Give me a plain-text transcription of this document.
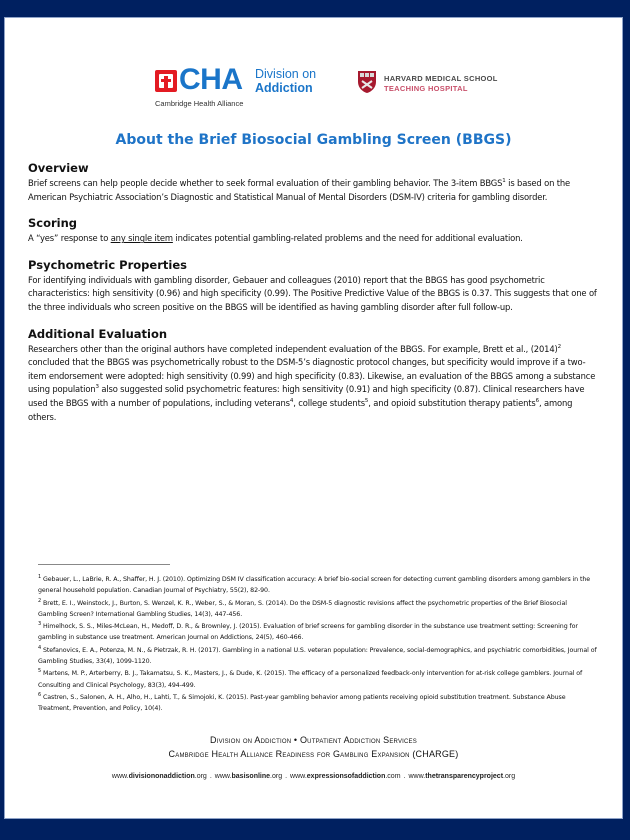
CHA Division on
Addiction
Cambridge Health Alliance
HARVARD MEDICAL SCHOOL
TEACHING HOSPITAL
About the Brief Biosocial Gambling Screen (BBGS)
Overview

Brief screens can help people decide whether to seek formal evaluation of their gambling behavior. The 3-item BBGS$^1$ is based on the American Psychiatric Association’s Diagnostic and Statistical Manual of Mental Disorders (DSM-IV) criteria for gambling disorder.

Scoring

A “yes” response to any single item indicates potential gambling-related problems and the need for additional evaluation.

Psychometric Properties

For identifying individuals with gambling disorder, Gebauer and colleagues (2010) report that the BBGS has good psychometric characteristics: high sensitivity (0.96) and high specificity (0.99). The Positive Predictive Value of the BBGS is 0.37. This suggests that one of the three individuals who screen positive on the BBGS will be identified as having gambling disorder after full follow-up.

Additional Evaluation

Researchers other than the original authors have completed independent evaluation of the BBGS. For example, Brett et al., $(2014)^2$ concluded that the BBGS was psychometrically robust to the DSM-5’s diagnostic protocol changes, but specificity would improve if a two-item endorsement were adopted: high sensitivity (0.99) and high specificity (0.83). Likewise, an evaluation of the BBGS among a substance using population$^3$ also suggested solid psychometric features: high sensitivity (0.91) and high specificity (0.87). Clinical researchers have used the BBGS with a number of populations, including veterans$^4$, college students$^5$, and opioid substitution therapy patients$^6$, among others.

$^1$ Gebauer, L., LaBrie, R. A., Shaffer, H. J. (2010). Optimizing DSM IV classification accuracy: A brief bio-social screen for detecting current gambling disorders among gamblers in the general household population. Canadian Journal of Psychiatry, 55(2), 82-90.

$^2$ Brett, E. I., Weinstock, J., Burton, S. Wenzel, K. R., Weber, S., & Moran, S. (2014). Do the DSM-5 diagnostic revisions affect the psychometric properties of the Brief Biosocial Gambling Screen? International Gambling Studies, 14(3), 447-456.

$^3$ Himelhock, S. S., Miles-McLean, H., Medoff, D. R., & Brownley, J. (2015). Evaluation of brief screens for gambling disorder in the substance use treatment setting: Screening for gambling in substance use treatment. American Journal on Addictions, 24(5), 460-466.

$^4$ Stefanovics, E. A., Potenza, M. N., & Pietrzak, R. H. (2017). Gambling in a national U.S. veteran population: Prevalence, social-demographics, and psychiatric comorbidities, Journal of Gambling Studies, 33(4), 1099-1120.

$^5$ Martens, M. P., Arterberry, B. J., Takamatsu, S. K., Masters, J., & Dude, K. (2015). The efficacy of a personalized feedback-only intervention for at-risk college gamblers. Journal of Consulting and Clinical Psychology, 83(3), 494-499.

$^6$ Castren, S., Salonen, A. H., Alho, H., Lahti, T., & Simojoki, K. (2015). Past-year gambling behavior among patients receiving opioid substitution treatment. Substance Abuse Treatment, Prevention, and Policy, 10(4).

Division on Addiction • Outpatient Addiction Services
Cambridge Health Alliance Readiness for Gambling Expansion (CHARGE)
www.divisiononaddiction.org . www.basisonline.org . www.expressionsofaddiction.com . www.thetransparencyproject.org
